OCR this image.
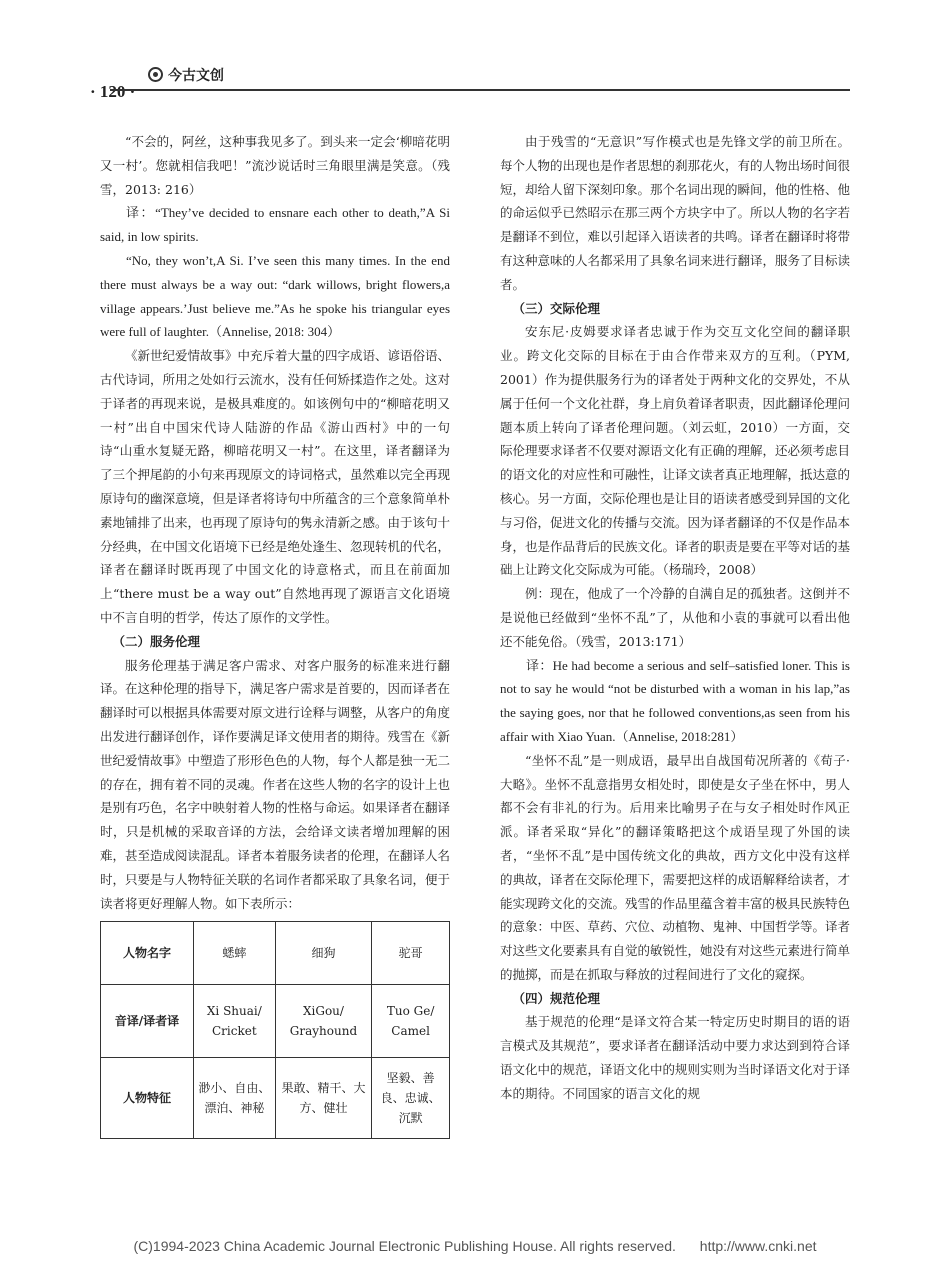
· 120 ·
今古文创

“不会的，阿丝，这种事我见多了。到头来一定会‘柳暗花明又一村’。您就相信我吧！”流沙说话时三角眼里满是笑意。（残雪，2013: 216）

译：“They’ve decided to ensnare each other to death,”A Si said, in low spirits.

“No, they won’t,A Si. I’ve seen this many times. In the end there must always be a way out: “dark willows, bright flowers,a village appears.’Just believe me.”As he spoke his triangular eyes were full of laughter.（Annelise, 2018: 304）

《新世纪爱情故事》中充斥着大量的四字成语、谚语俗语、古代诗词，所用之处如行云流水，没有任何矫揉造作之处。这对于译者的再现来说，是极具难度的。如该例句中的“柳暗花明又一村”出自中国宋代诗人陆游的作品《游山西村》中的一句诗“山重水复疑无路，柳暗花明又一村”。在这里，译者翻译为了三个押尾韵的小句来再现原文的诗词格式，虽然难以完全再现原诗句的幽深意境，但是译者将诗句中所蕴含的三个意象简单朴素地铺排了出来，也再现了原诗句的隽永清新之感。由于该句十分经典，在中国文化语境下已经是绝处逢生、忽现转机的代名，译者在翻译时既再现了中国文化的诗意格式，而且在前面加上“there must be a way out”自然地再现了源语言文化语境中不言自明的哲学，传达了原作的文学性。

（二）服务伦理

服务伦理基于满足客户需求、对客户服务的标准来进行翻译。在这种伦理的指导下，满足客户需求是首要的，因而译者在翻译时可以根据具体需要对原文进行诠释与调整，从客户的角度出发进行翻译创作，译作要满足译文使用者的期待。残雪在《新世纪爱情故事》中塑造了形形色色的人物，每个人都是独一无二的存在，拥有着不同的灵魂。作者在这些人物的名字的设计上也是别有巧色，名字中映射着人物的性格与命运。如果译者在翻译时，只是机械的采取音译的方法，会给译文读者增加理解的困难，甚至造成阅读混乱。译者本着服务读者的伦理，在翻译人名时，只要是与人物特征关联的名词作者都采取了具象名词，便于读者将更好理解人物。如下表所示：

人物名字	蟋蟀	细狗	驼哥
音译/译者译	Xi Shuai/ Cricket	XiGou/ Grayhound	Tuo Ge/ Camel
人物特征	渺小、自由、漂泊、神秘	果敢、精干、大方、健壮	坚毅、善良、忠诚、沉默

由于残雪的“无意识”写作模式也是先锋文学的前卫所在。每个人物的出现也是作者思想的刹那花火，有的人物出场时间很短，却给人留下深刻印象。那个名词出现的瞬间，他的性格、他的命运似乎已然昭示在那三两个方块字中了。所以人物的名字若是翻译不到位，难以引起译入语读者的共鸣。译者在翻译时将带有这种意味的人名都采用了具象名词来进行翻译，服务了目标读者。

（三）交际伦理

安东尼·皮姆要求译者忠诚于作为交互文化空间的翻译职业。跨文化交际的目标在于由合作带来双方的互利。（PYM, 2001）作为提供服务行为的译者处于两种文化的交界处，不从属于任何一个文化社群，身上肩负着译者职责，因此翻译伦理问题本质上转向了译者伦理问题。（刘云虹，2010）一方面，交际伦理要求译者不仅要对源语文化有正确的理解，还必须考虑目的语文化的对应性和可融性，让译文读者真正地理解，抵达意的核心。另一方面，交际伦理也是让目的语读者感受到异国的文化与习俗，促进文化的传播与交流。因为译者翻译的不仅是作品本身，也是作品背后的民族文化。译者的职责是要在平等对话的基础上让跨文化交际成为可能。（杨瑞玲，2008）

例：现在，他成了一个冷静的自满自足的孤独者。这倒并不是说他已经做到“坐怀不乱”了，从他和小袁的事就可以看出他还不能免俗。（残雪，2013:171）

译：He had become a serious and self–satisfied loner. This is not to say he would “not be disturbed with a woman in his lap,”as the saying goes, nor that he followed conventions,as seen from his affair with Xiao Yuan.（Annelise, 2018:281）

“坐怀不乱”是一则成语，最早出自战国荀况所著的《荀子·大略》。坐怀不乱意指男女相处时，即使是女子坐在怀中，男人都不会有非礼的行为。后用来比喻男子在与女子相处时作风正派。译者采取“异化”的翻译策略把这个成语呈现了外国的读者，“坐怀不乱”是中国传统文化的典故，西方文化中没有这样的典故，译者在交际伦理下，需要把这样的成语解释给读者，才能实现跨文化的交流。残雪的作品里蕴含着丰富的极具民族特色的意象：中医、草药、穴位、动植物、鬼神、中国哲学等。译者对这些文化要素具有自觉的敏锐性，她没有对这些元素进行简单的抛掷，而是在抓取与释放的过程间进行了文化的窥探。

（四）规范伦理

基于规范的伦理“是译文符合某一特定历史时期目的语的语言模式及其规范”，要求译者在翻译活动中要力求达到到符合译语文化中的规范，译语文化中的规则实则为当时译语文化对于译本的期待。不同国家的语言文化的规

(C)1994-2023 China Academic Journal Electronic Publishing House. All rights reserved. http://www.cnki.net
